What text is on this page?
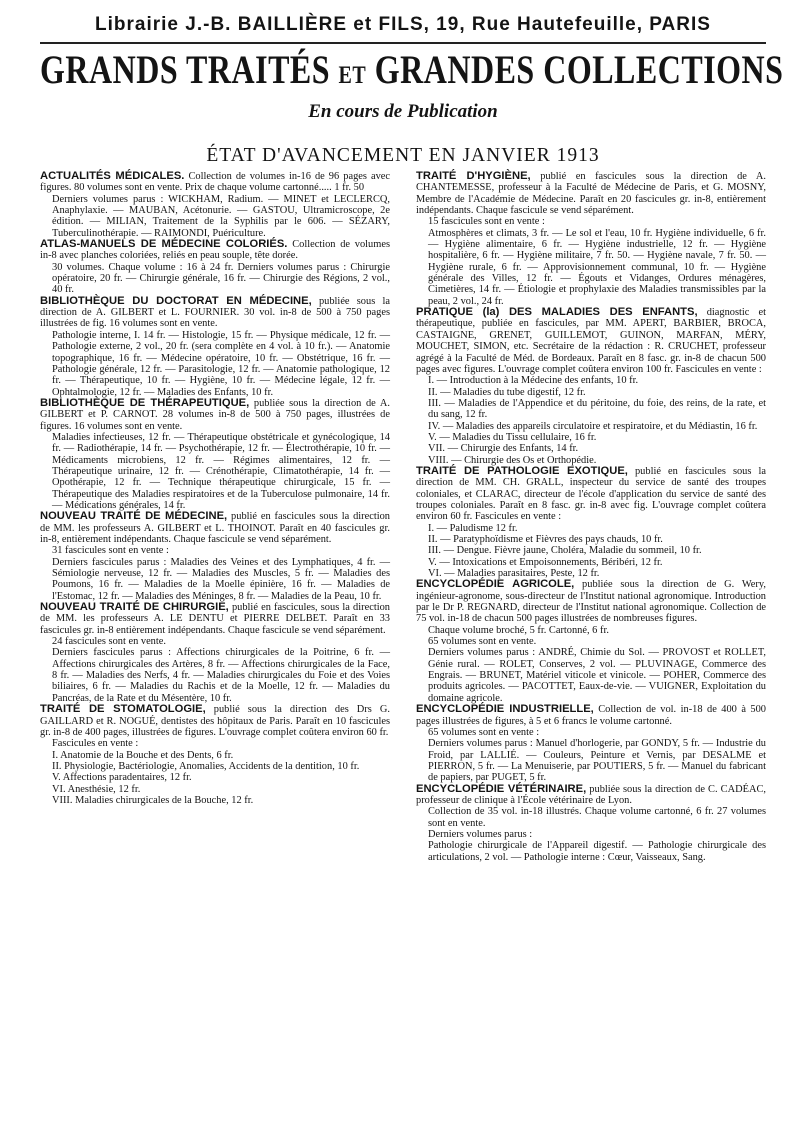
Librairie J.-B. BAILLIÈRE et FILS, 19, Rue Hautefeuille, PARIS
GRANDS TRAITÉS ET GRANDES COLLECTIONS
En cours de Publication
ÉTAT D'AVANCEMENT EN JANVIER 1913

ACTUALITÉS MÉDICALES. Collection de volumes in-16 de 96 pages avec figures. 80 volumes sont en vente. Prix de chaque volume cartonné..... 1 fr. 50

Derniers volumes parus : WICKHAM, Radium. — MINET et LECLERCQ, Anaphylaxie. — MAUBAN, Acétonurie. — GASTOU, Ultramicroscope, 2e édition. — MILIAN, Traitement de la Syphilis par le 606. — SÉZARY, Tuberculinothérapie. — RAIMONDI, Puériculture.

ATLAS-MANUELS DE MÉDECINE COLORIÉS. Collection de volumes in-8 avec planches coloriées, reliés en peau souple, tête dorée.

30 volumes. Chaque volume : 16 à 24 fr. Derniers volumes parus : Chirurgie opératoire, 20 fr. — Chirurgie générale, 16 fr. — Chirurgie des Régions, 2 vol., 40 fr.

BIBLIOTHÈQUE DU DOCTORAT EN MÉDECINE, publiée sous la direction de A. GILBERT et L. FOURNIER. 30 vol. in-8 de 500 à 750 pages illustrées de fig. 16 volumes sont en vente.

Pathologie interne, I. 14 fr. — Histologie, 15 fr. — Physique médicale, 12 fr. — Pathologie externe, 2 vol., 20 fr. (sera complète en 4 vol. à 10 fr.). — Anatomie topographique, 16 fr. — Médecine opératoire, 10 fr. — Obstétrique, 16 fr. — Pathologie générale, 12 fr. — Parasitologie, 12 fr. — Anatomie pathologique, 12 fr. — Thérapeutique, 10 fr. — Hygiène, 10 fr. — Médecine légale, 12 fr. — Ophtalmologie, 12 fr. — Maladies des Enfants, 10 fr.

BIBLIOTHÈQUE DE THÉRAPEUTIQUE, publiée sous la direction de A. GILBERT et P. CARNOT. 28 volumes in-8 de 500 à 750 pages, illustrées de figures. 16 volumes sont en vente.

Maladies infectieuses, 12 fr. — Thérapeutique obstétricale et gynécologique, 14 fr. — Radiothérapie, 14 fr. — Psychothérapie, 12 fr. — Électrothérapie, 10 fr. — Médicaments microbiens, 12 fr. — Régimes alimentaires, 12 fr. — Thérapeutique urinaire, 12 fr. — Crénothérapie, Climatothérapie, 14 fr. — Opothérapie, 12 fr. — Technique thérapeutique chirurgicale, 15 fr. — Thérapeutique des Maladies respiratoires et de la Tuberculose pulmonaire, 14 fr. — Médications générales, 14 fr.

NOUVEAU TRAITÉ DE MÉDECINE, publié en fascicules sous la direction de MM. les professeurs A. GILBERT et L. THOINOT. Paraît en 40 fascicules gr. in-8, entièrement indépendants. Chaque fascicule se vend séparément.

31 fascicules sont en vente :

Derniers fascicules parus : Maladies des Veines et des Lymphatiques, 4 fr. — Sémiologie nerveuse, 12 fr. — Maladies des Muscles, 5 fr. — Maladies des Poumons, 16 fr. — Maladies de la Moelle épinière, 16 fr. — Maladies de l'Estomac, 12 fr. — Maladies des Méninges, 8 fr. — Maladies de la Peau, 10 fr.

NOUVEAU TRAITÉ DE CHIRURGIE, publié en fascicules, sous la direction de MM. les professeurs A. LE DENTU et PIERRE DELBET. Paraît en 33 fascicules gr. in-8 entièrement indépendants. Chaque fascicule se vend séparément.

24 fascicules sont en vente.

Derniers fascicules parus : Affections chirurgicales de la Poitrine, 6 fr. — Affections chirurgicales des Artères, 8 fr. — Affections chirurgicales de la Face, 8 fr. — Maladies des Nerfs, 4 fr. — Maladies chirurgicales du Foie et des Voies biliaires, 6 fr. — Maladies du Rachis et de la Moelle, 12 fr. — Maladies du Pancréas, de la Rate et du Mésentère, 10 fr.

TRAITÉ DE STOMATOLOGIE, publié sous la direction des Drs G. GAILLARD et R. NOGUÉ, dentistes des hôpitaux de Paris. Paraît en 10 fascicules gr. in-8 de 400 pages, illustrées de figures. L'ouvrage complet coûtera environ 60 fr.

Fascicules en vente :

I. Anatomie de la Bouche et des Dents, 6 fr.

II. Physiologie, Bactériologie, Anomalies, Accidents de la dentition, 10 fr.

V. Affections paradentaires, 12 fr.

VI. Anesthésie, 12 fr.

VIII. Maladies chirurgicales de la Bouche, 12 fr.

TRAITÉ D'HYGIÈNE, publié en fascicules sous la direction de A. CHANTEMESSE, professeur à la Faculté de Médecine de Paris, et G. MOSNY, Membre de l'Académie de Médecine. Paraît en 20 fascicules gr. in-8, entièrement indépendants. Chaque fascicule se vend séparément.

15 fascicules sont en vente :

Atmosphères et climats, 3 fr. — Le sol et l'eau, 10 fr. Hygiène individuelle, 6 fr. — Hygiène alimentaire, 6 fr. — Hygiène industrielle, 12 fr. — Hygiène hospitalière, 6 fr. — Hygiène militaire, 7 fr. 50. — Hygiène navale, 7 fr. 50. — Hygiène rurale, 6 fr. — Approvisionnement communal, 10 fr. — Hygiène générale des Villes, 12 fr. — Égouts et Vidanges, Ordures ménagères, Cimetières, 14 fr. — Étiologie et prophylaxie des Maladies transmissibles par la peau, 2 vol., 24 fr.

PRATIQUE (la) DES MALADIES DES ENFANTS, diagnostic et thérapeutique, publiée en fascicules, par MM. APERT, BARBIER, BROCA, CASTAIGNE, GRENET, GUILLEMOT, GUINON, MARFAN, MÉRY, MOUCHET, SIMON, etc. Secrétaire de la rédaction : R. CRUCHET, professeur agrégé à la Faculté de Méd. de Bordeaux. Paraît en 8 fasc. gr. in-8 de chacun 500 pages avec figures. L'ouvrage complet coûtera environ 100 fr. Fascicules en vente :

I. — Introduction à la Médecine des enfants, 10 fr.

II. — Maladies du tube digestif, 12 fr.

III. — Maladies de l'Appendice et du péritoine, du foie, des reins, de la rate, et du sang, 12 fr.

IV. — Maladies des appareils circulatoire et respiratoire, et du Médiastin, 16 fr.

V. — Maladies du Tissu cellulaire, 16 fr.

VII. — Chirurgie des Enfants, 14 fr.

VIII. — Chirurgie des Os et Orthopédie.

TRAITÉ DE PATHOLOGIE EXOTIQUE, publié en fascicules sous la direction de MM. CH. GRALL, inspecteur du service de santé des troupes coloniales, et CLARAC, directeur de l'école d'application du service de santé des troupes coloniales. Paraît en 8 fasc. gr. in-8 avec fig. L'ouvrage complet coûtera environ 60 fr. Fascicules en vente :

I. — Paludisme 12 fr.

II. — Paratyphoïdisme et Fièvres des pays chauds, 10 fr.

III. — Dengue. Fièvre jaune, Choléra, Maladie du sommeil, 10 fr.

V. — Intoxications et Empoisonnements, Béribéri, 12 fr.

VI. — Maladies parasitaires, Peste, 12 fr.

ENCYCLOPÉDIE AGRICOLE, publiée sous la direction de G. Wery, ingénieur-agronome, sous-directeur de l'Institut national agronomique. Introduction par le Dr P. REGNARD, directeur de l'Institut national agronomique. Collection de 75 vol. in-18 de chacun 500 pages illustrées de nombreuses figures.

Chaque volume broché, 5 fr. Cartonné, 6 fr.

65 volumes sont en vente.

Derniers volumes parus : ANDRÉ, Chimie du Sol. — PROVOST et ROLLET, Génie rural. — ROLET, Conserves, 2 vol. — PLUVINAGE, Commerce des Engrais. — BRUNET, Matériel viticole et vinicole. — POHER, Commerce des produits agricoles. — PACOTTET, Eaux-de-vie. — VUIGNER, Exploitation du domaine agricole.

ENCYCLOPÉDIE INDUSTRIELLE, Collection de vol. in-18 de 400 à 500 pages illustrées de figures, à 5 et 6 francs le volume cartonné.

65 volumes sont en vente :

Derniers volumes parus : Manuel d'horlogerie, par GONDY, 5 fr. — Industrie du Froid, par LALLIÉ. — Couleurs, Peinture et Vernis, par DESALME et PIERRON, 5 fr. — La Menuiserie, par POUTIERS, 5 fr. — Manuel du fabricant de papiers, par PUGET, 5 fr.

ENCYCLOPÉDIE VÉTÉRINAIRE, publiée sous la direction de C. CADÉAC, professeur de clinique à l'École vétérinaire de Lyon.

Collection de 35 vol. in-18 illustrés. Chaque volume cartonné, 6 fr. 27 volumes sont en vente.

Derniers volumes parus :

Pathologie chirurgicale de l'Appareil digestif. — Pathologie chirurgicale des articulations, 2 vol. — Pathologie interne : Cœur, Vaisseaux, Sang.
